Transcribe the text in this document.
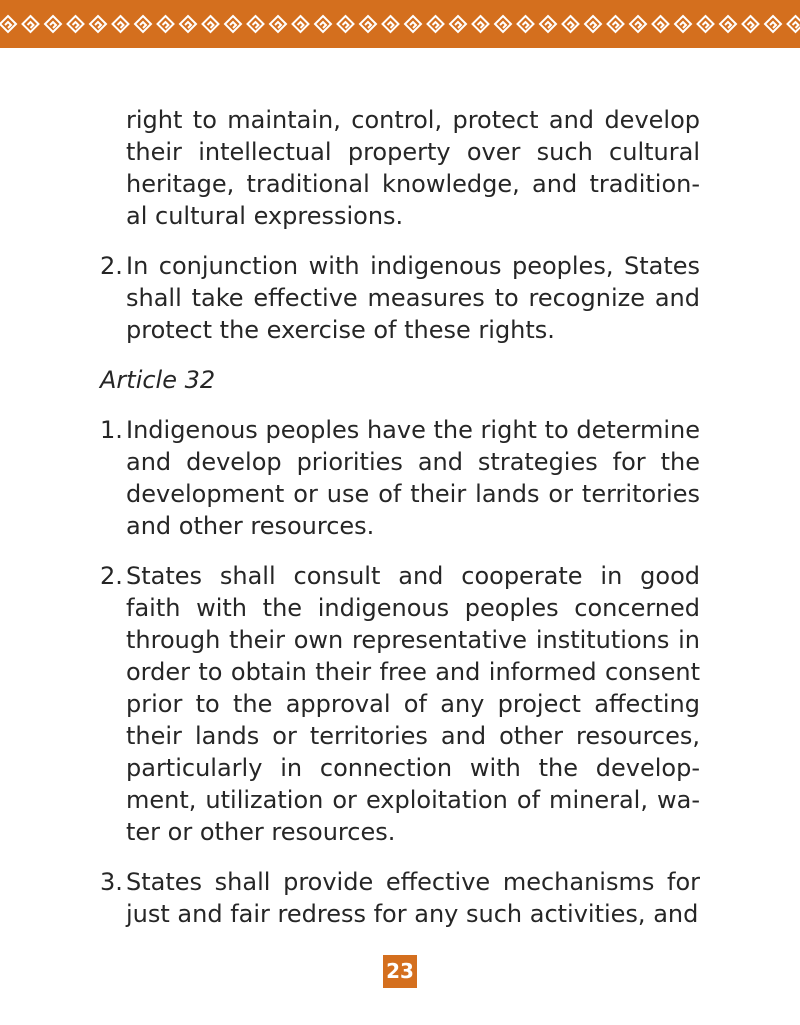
right to maintain, control, protect and develop their intellectual property over such cultural heritage, traditional knowledge, and tradition-al cultural expressions.

2. In conjunction with indigenous peoples, States shall take effective measures to recognize and protect the exercise of these rights.
Article 32
1. Indigenous peoples have the right to determine and develop priorities and strategies for the development or use of their lands or territories and other resources.
2. States shall consult and cooperate in good faith with the indigenous peoples concerned through their own representative institutions in order to obtain their free and informed consent prior to the approval of any project affecting their lands or territories and other resources, particularly in connection with the develop-ment, utilization or exploitation of mineral, wa-ter or other resources.
3. States shall provide effective mechanisms for just and fair redress for any such activities, and
23
